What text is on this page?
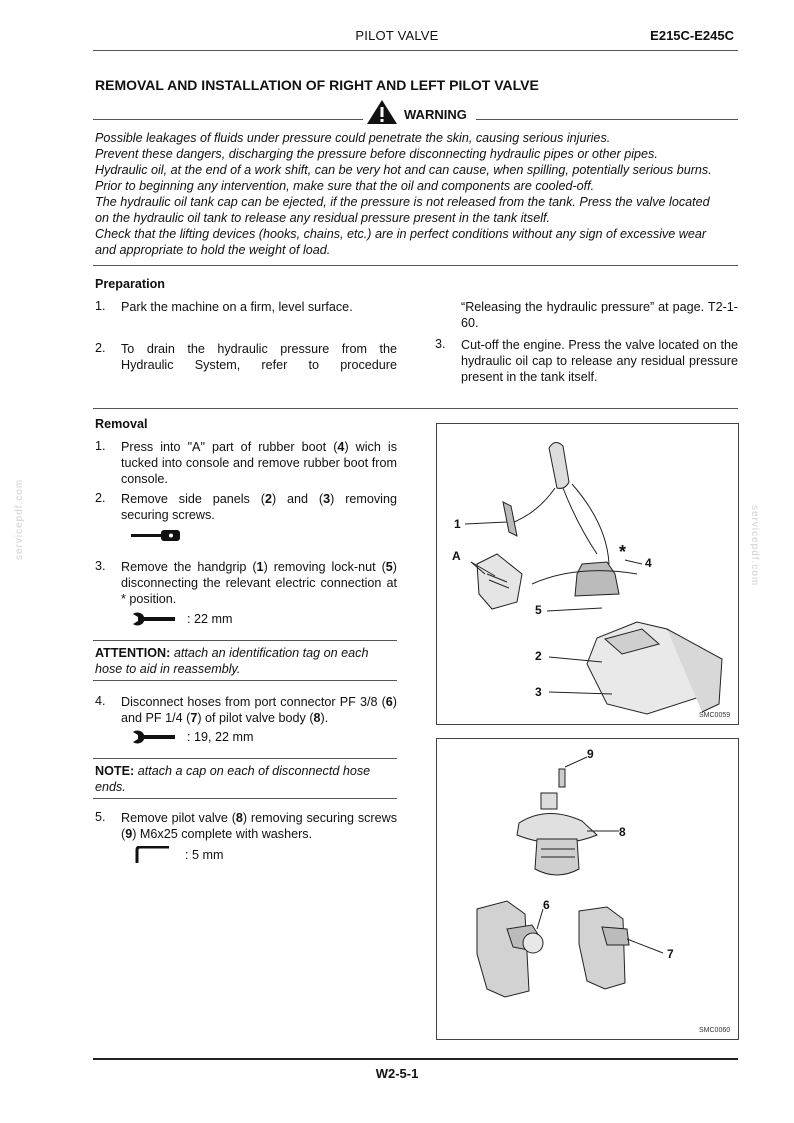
PILOT VALVE	E215C-E245C
REMOVAL AND INSTALLATION OF RIGHT AND LEFT PILOT VALVE
WARNING
Possible leakages of fluids under pressure could penetrate the skin, causing serious injuries.
Prevent these dangers, discharging the pressure before disconnecting hydraulic pipes or other pipes.
Hydraulic oil, at the end of a work shift, can be very hot and can cause, when spilling, potentially serious burns.
Prior to beginning any intervention, make sure that the oil and components are cooled-off.
The hydraulic oil tank cap can be ejected, if the pressure is not released from the tank. Press the valve located
on the hydraulic oil tank to release any residual pressure present in the tank itself.
Check that the lifting devices (hooks, chains, etc.) are in perfect conditions without any sign of excessive wear
and appropriate to hold the weight of load.
Preparation
1. Park the machine on a firm, level surface.
2. To drain the hydraulic pressure from the Hydraulic System, refer to procedure
“Releasing the hydraulic pressure” at page. T2-1-60.
3. Cut-off the engine. Press the valve located on the hydraulic oil cap to release any residual pressure present in the tank itself.
Removal
1. Press into "A" part of rubber boot (4) wich is tucked into console and remove rubber boot from console.
2. Remove side panels (2) and (3) removing securing screws.
3. Remove the handgrip (1) removing lock-nut (5) disconnecting the relevant electric connection at * position.
: 22 mm
ATTENTION: attach an identification tag on each hose to aid in reassembly.
4. Disconnect hoses from port connector PF 3/8 (6) and PF 1/4 (7) of pilot valve body (8).
: 19, 22 mm
NOTE: attach a cap on each of disconnectd hose ends.
5. Remove pilot valve (8) removing securing screws (9) M6x25 complete with washers.
: 5 mm
1
A	*
4
5
2
3
SMC0059
9
8
6
7
SMC0060
servicepdf.com	servicepdf.com
W2-5-1
